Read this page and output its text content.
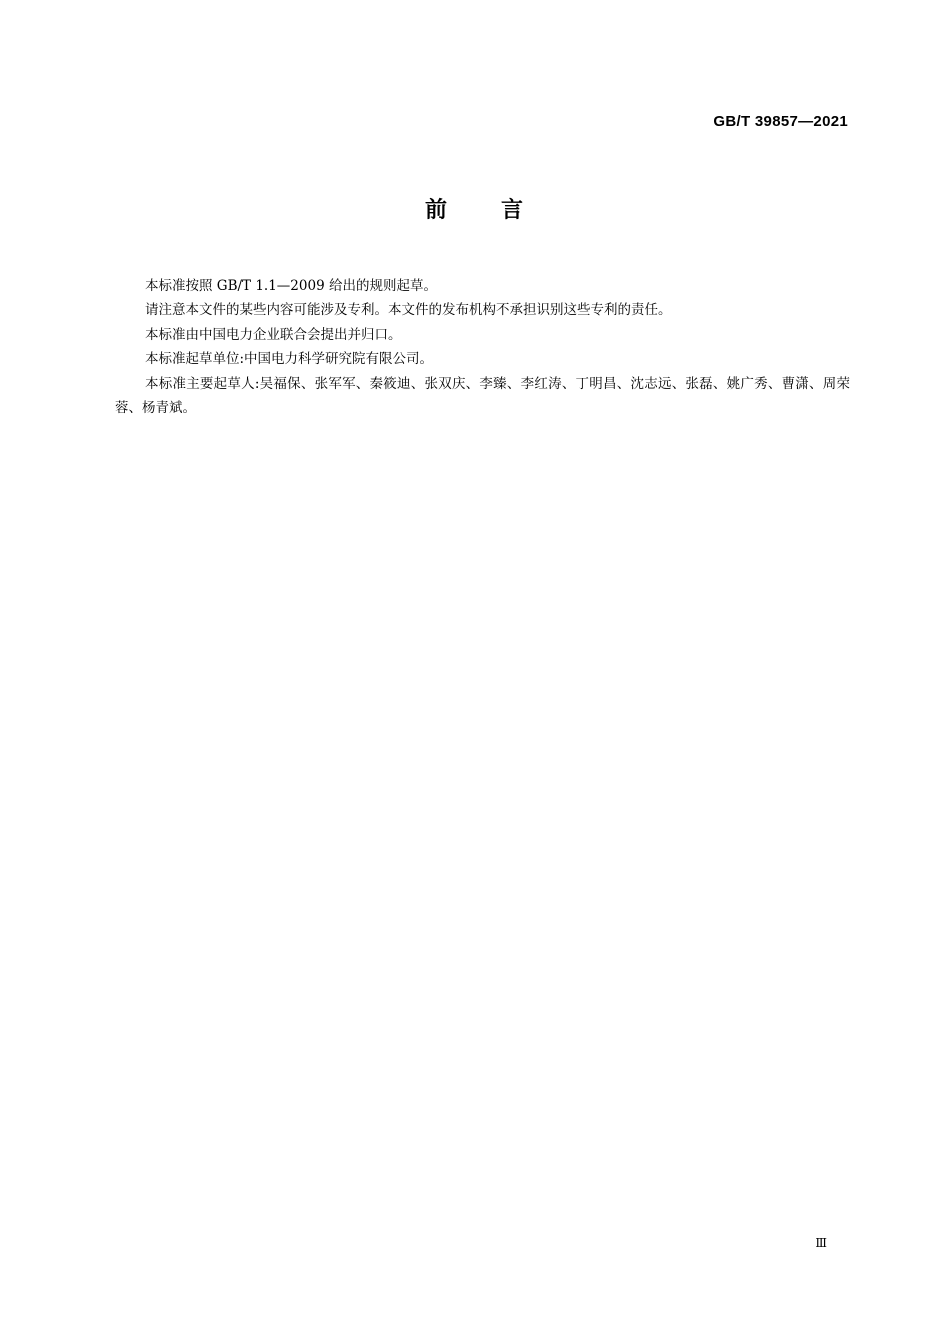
GB/T 39857—2021
前 言

本标准按照 GB/T 1.1—2009 给出的规则起草。

请注意本文件的某些内容可能涉及专利。本文件的发布机构不承担识别这些专利的责任。

本标准由中国电力企业联合会提出并归口。

本标准起草单位:中国电力科学研究院有限公司。

本标准主要起草人:吴福保、张军军、秦筱迪、张双庆、李臻、李红涛、丁明昌、沈志远、张磊、姚广秀、曹潇、周荣蓉、杨青斌。

Ⅲ
